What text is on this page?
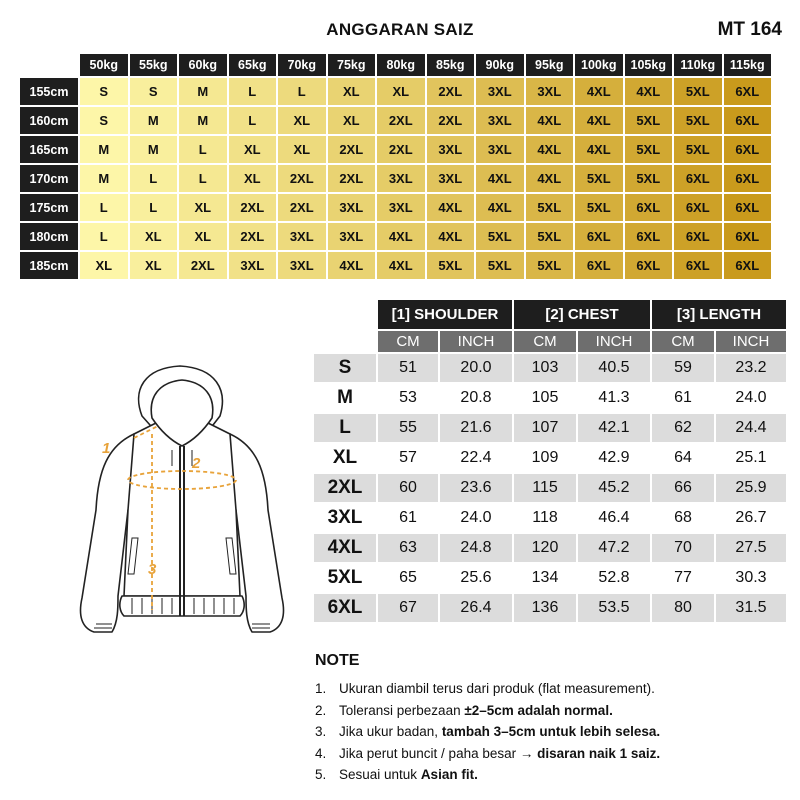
ANGGARAN SAIZ	MT 164
	50kg	55kg	60kg	65kg	70kg	75kg	80kg	85kg	90kg	95kg	100kg	105kg	110kg	115kg
155cm	S	S	M	L	L	XL	XL	2XL	3XL	3XL	4XL	4XL	5XL	6XL
160cm	S	M	M	L	XL	XL	2XL	2XL	3XL	4XL	4XL	5XL	5XL	6XL
165cm	M	M	L	XL	XL	2XL	2XL	3XL	3XL	4XL	4XL	5XL	5XL	6XL
170cm	M	L	L	XL	2XL	2XL	3XL	3XL	4XL	4XL	5XL	5XL	6XL	6XL
175cm	L	L	XL	2XL	2XL	3XL	3XL	4XL	4XL	5XL	5XL	6XL	6XL	6XL
180cm	L	XL	XL	2XL	3XL	3XL	4XL	4XL	5XL	5XL	6XL	6XL	6XL	6XL
185cm	XL	XL	2XL	3XL	3XL	4XL	4XL	5XL	5XL	5XL	6XL	6XL	6XL	6XL
	[1] SHOULDER		[2] CHEST		[3] LENGTH	
	CM	INCH	CM	INCH	CM	INCH
S	51	20.0	103	40.5	59	23.2
M	53	20.8	105	41.3	61	24.0
L	55	21.6	107	42.1	62	24.4
XL	57	22.4	109	42.9	64	25.1
2XL	60	23.6	115	45.2	66	25.9
3XL	61	24.0	118	46.4	68	26.7
4XL	63	24.8	120	47.2	70	27.5
5XL	65	25.6	134	52.8	77	30.3
6XL	67	26.4	136	53.5	80	31.5
1
2
3
NOTE
1. Ukuran diambil terus dari produk (flat measurement).
2. Toleransi perbezaan ±2–5cm adalah normal.
3. Jika ukur badan, tambah 3–5cm untuk lebih selesa.
4. Jika perut buncit / paha besar → disaran naik 1 saiz.
5. Sesuai untuk Asian fit.
